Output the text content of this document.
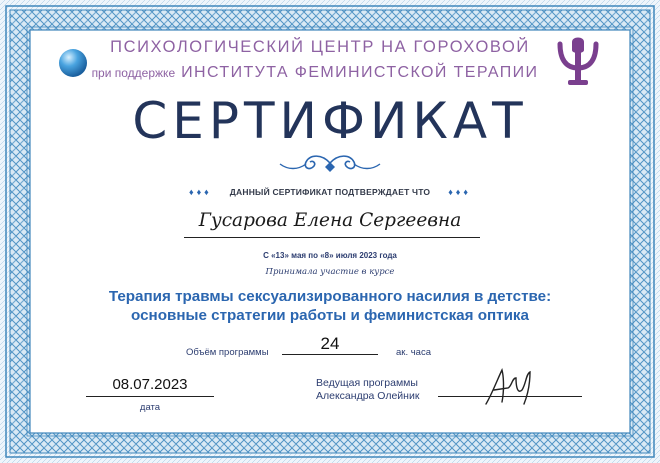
ПСИХОЛОГИЧЕСКИЙ ЦЕНТР НА ГОРОХОВОЙ
при поддержке ИНСТИТУТА ФЕМИНИСТСКОЙ ТЕРАПИИ
СЕРТИФИКАТ
♦♦♦ ДАННЫЙ СЕРТИФИКАТ ПОДТВЕРЖДАЕТ ЧТО ♦♦♦
Гусарова Елена Сергеевна
С «13» мая по «8» июля 2023 года
Принимала участие в курсе
Терапия травмы сексуализированного насилия в детстве:
основные стратегии работы и феминистская оптика
Объём программы	24	ак. часа
08.07.2023
дата
Ведущая программы
Александра Олейник
